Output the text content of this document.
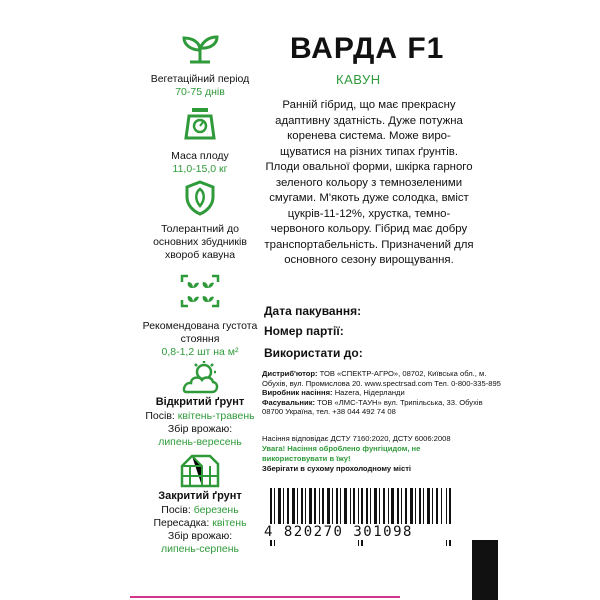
Вегетаційний період
70-75 днів
Маса плоду
11,0-15,0 кг
Толерантний до основних збудників хвороб кавуна
Рекомендована густота стояння
0,8-1,2 шт на м²
Відкритий ґрунт
Посів: квітень-травень
Збір врожаю:
липень-вересень
Закритий ґрунт
Посів: березень
Пересадка: квітень
Збір врожаю:
липень-серпень
ВАРДА F1
КАВУН
Ранній гібрид, що має прекрасну адаптивну здатність. Дуже потужна коренева система. Може вирощуватися на різних типах ґрунтів. Плоди овальної форми, шкірка гарного зеленого кольору з темнозеленими смугами. М'якоть дуже солодка, вміст цукрів-11-12%, хрустка, темно-червоного кольору. Гібрид має добру транспортабельність. Призначений для основного сезону вирощування.
Дата пакування:
Номер партії:
Використати до:
Дистриб'ютор: ТОВ «СПЕКТР-АГРО», 08702, Київська обл., м. Обухів, вул. Промислова 20. www.spectrsad.com Тел. 0-800-335-895
Виробник насіння: Hazera, Нідерланди
Фасувальник: ТОВ «ЛМС-ТАУН» вул. Трипільська, 33. Обухів 08700 Україна, тел. +38 044 492 74 08
Насіння відповідає ДСТУ 7160:2020, ДСТУ 6006:2008
Увага! Насіння оброблено фунгіцидом, не використовувати в їжу!
Зберігати в сухому прохолодному місті
4 820270 301098
